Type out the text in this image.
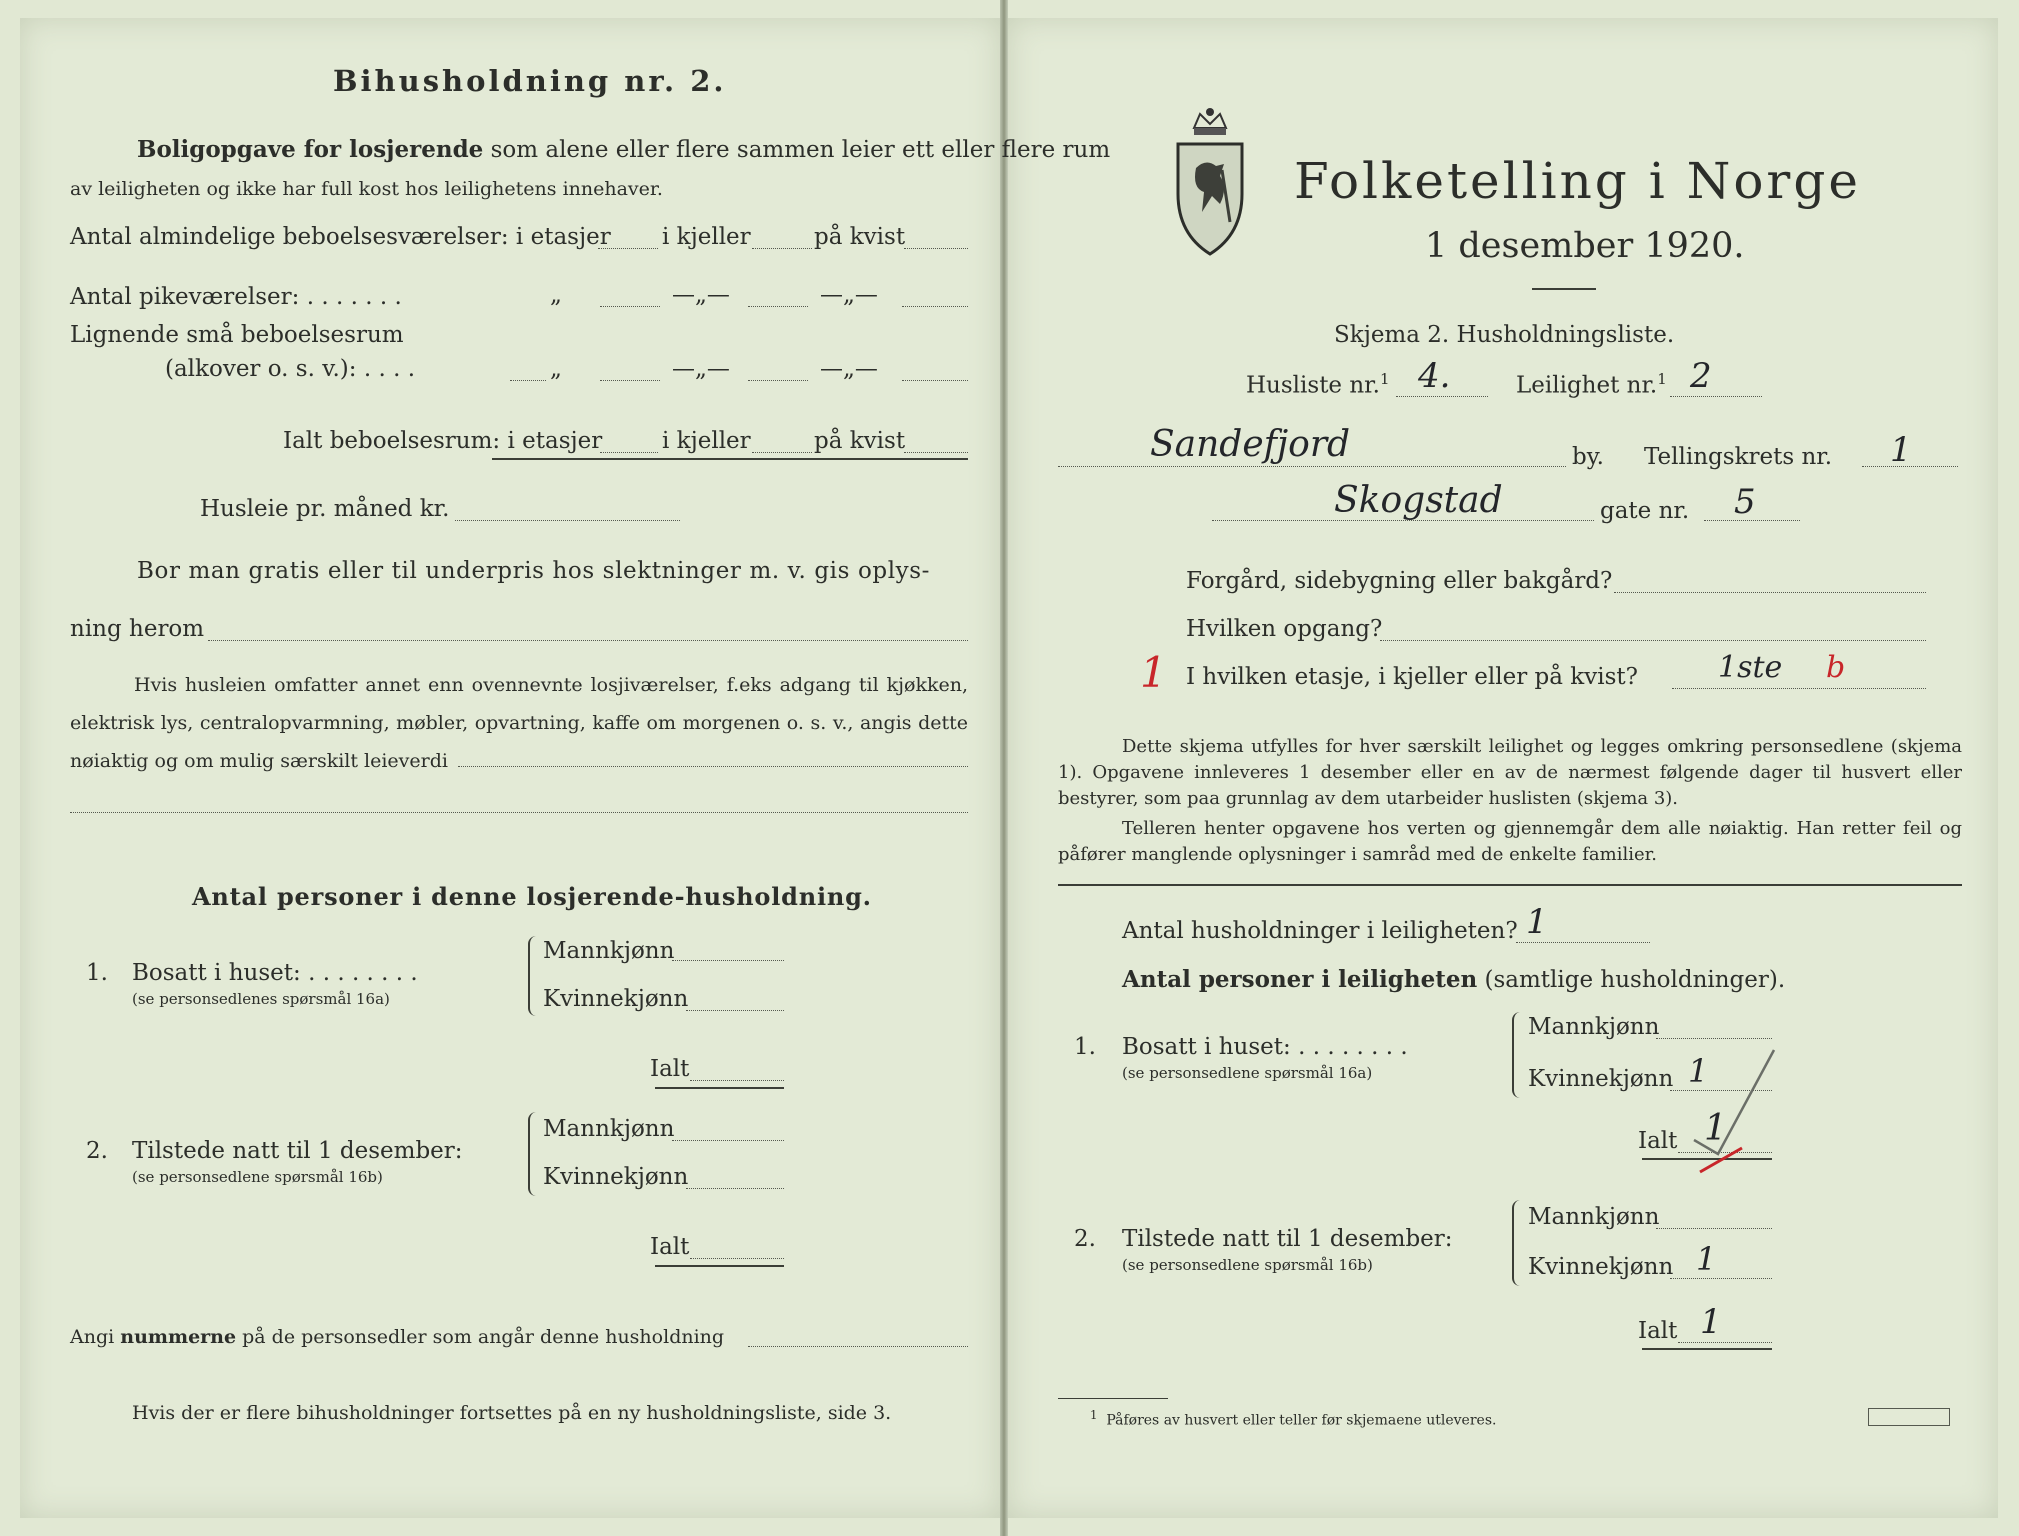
Bihusholdning nr. 2.
Boligopgave for losjerende som alene eller flere sammen leier ett eller flere rum
av leiligheten og ikke har full kost hos leilighetens innehaver.
Antal almindelige beboelsesværelser: i etasjer i kjeller	på kvist
Antal pikeværelser: . . . . . . .	„	—„—	—„—
Lignende små beboelsesrum
(alkover o. s. v.): . . . .	„	—„—	—„—
Ialt beboelsesrum: i etasjer	i kjeller	på kvist
Husleie pr. måned kr.
Bor man gratis eller til underpris hos slektninger m. v. gis oplys-
ning herom
Hvis husleien omfatter annet enn ovennevnte losjiværelser, f.eks adgang til kjøkken, elektrisk lys, centralopvarmning, møbler, opvartning, kaffe om morgenen o. s. v., angis dette nøiaktig og om mulig særskilt leieverdi
Antal personer i denne losjerende-husholdning.
1. Bosatt i huset: . . . . . . . .
(se personsedlenes spørsmål 16a)
Mannkjønn
Kvinnekjønn
Ialt
2. Tilstede natt til 1 desember:
(se personsedlene spørsmål 16b)
Mannkjønn
Kvinnekjønn
Ialt
Angi nummerne på de personsedler som angår denne husholdning
Hvis der er flere bihusholdninger fortsettes på en ny husholdningsliste, side 3.
Folketelling i Norge
1 desember 1920.
Skjema 2. Husholdningsliste.
Husliste nr.$^1$ 4.	Leilighet nr.$^1$ 2
Sandefjord	by. Tellingskrets nr. 1
Skogstad	gate nr. 5
Forgård, sidebygning eller bakgård?
Hvilken opgang?
1 I hvilken etasje, i kjeller eller på kvist?	1ste b
Dette skjema utfylles for hver særskilt leilighet og legges omkring personsedlene (skjema 1). Opgavene innleveres 1 desember eller en av de nærmest følgende dager til husvert eller bestyrer, som paa grunnlag av dem utarbeider huslisten (skjema 3).
Telleren henter opgavene hos verten og gjennemgår dem alle nøiaktig. Han retter feil og påfører manglende oplysninger i samråd med de enkelte familier.
Antal husholdninger i leiligheten? 1
Antal personer i leiligheten (samtlige husholdninger).
1. Bosatt i huset: . . . . . . . .
(se personsedlene spørsmål 16a)
Mannkjønn
Kvinnekjønn 1
Ialt 1
2. Tilstede natt til 1 desember:
(se personsedlene spørsmål 16b)
Mannkjønn
Kvinnekjønn 1
Ialt 1
$^1$ Påføres av husvert eller teller før skjemaene utleveres.
